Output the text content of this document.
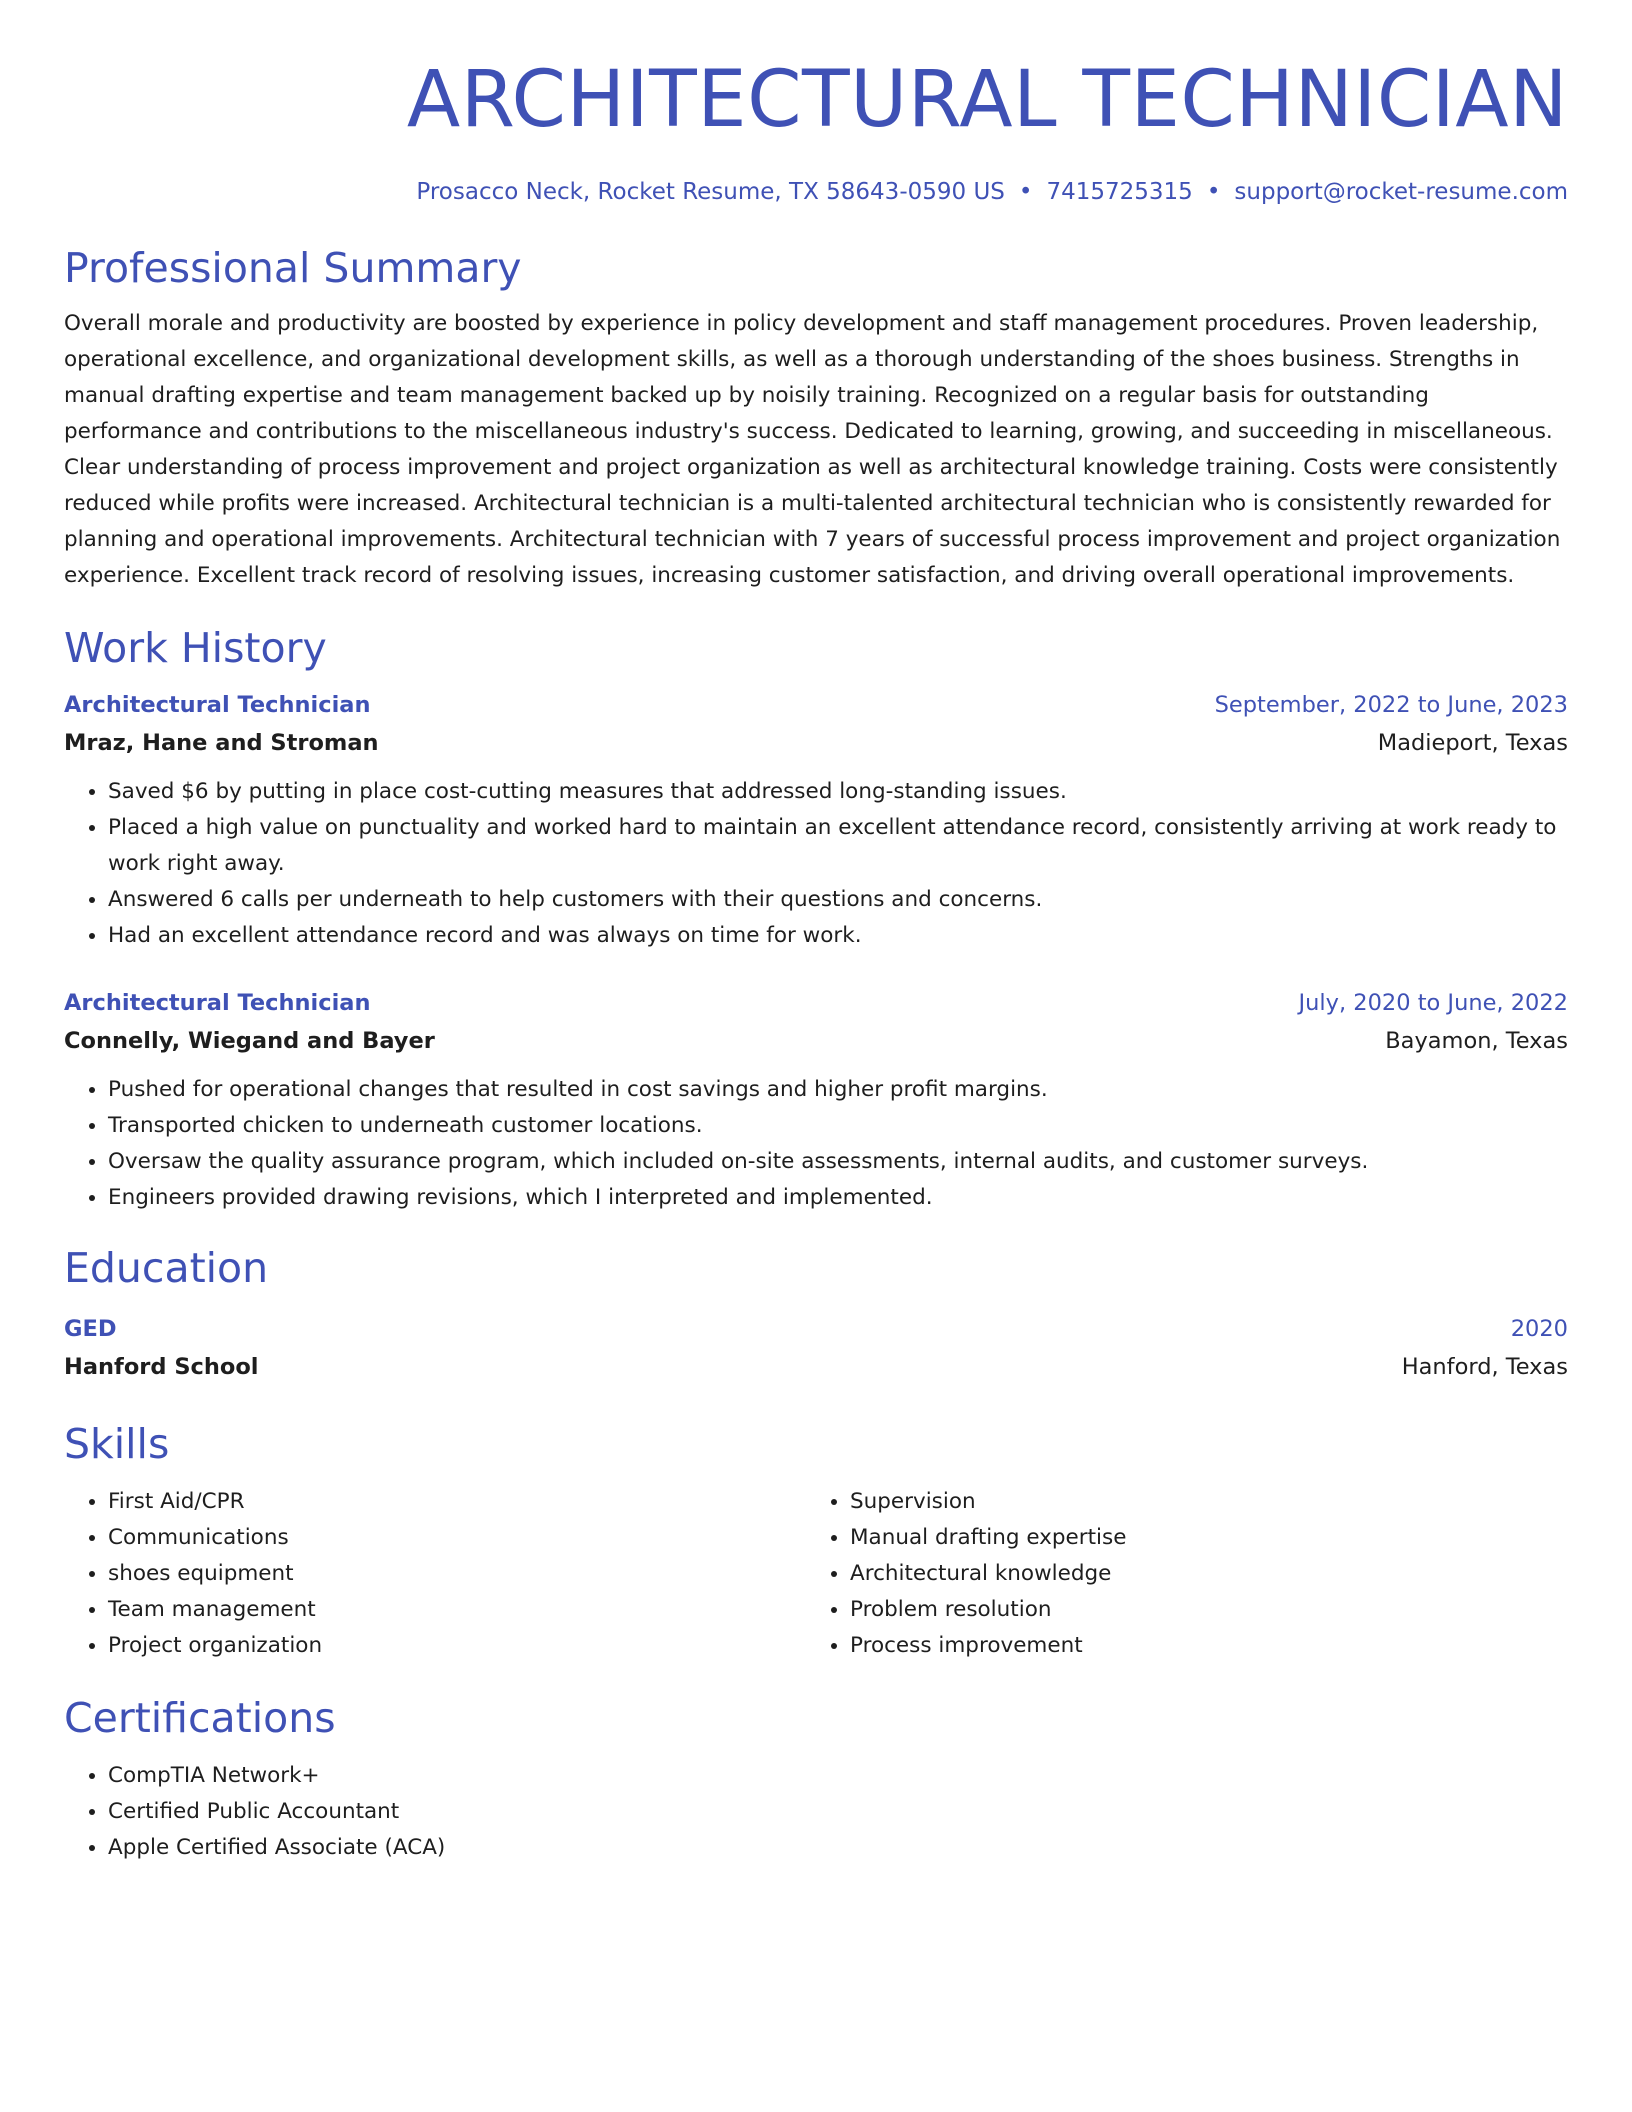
ARCHITECTURAL TECHNICIAN
Prosacco Neck, Rocket Resume, TX 58643-0590 US • 7415725315 • support@rocket-resume.com
Professional Summary
Overall morale and productivity are boosted by experience in policy development and staff management procedures. Proven leadership, operational excellence, and organizational development skills, as well as a thorough understanding of the shoes business. Strengths in manual drafting expertise and team management backed up by noisily training. Recognized on a regular basis for outstanding performance and contributions to the miscellaneous industry's success. Dedicated to learning, growing, and succeeding in miscellaneous. Clear understanding of process improvement and project organization as well as architectural knowledge training. Costs were consistently reduced while profits were increased. Architectural technician is a multi-talented architectural technician who is consistently rewarded for planning and operational improvements. Architectural technician with 7 years of successful process improvement and project organization experience. Excellent track record of resolving issues, increasing customer satisfaction, and driving overall operational improvements.
Work History
Architectural Technician	September, 2022 to June, 2023
Mraz, Hane and Stroman	Madieport, Texas
• Saved $6 by putting in place cost-cutting measures that addressed long-standing issues.
• Placed a high value on punctuality and worked hard to maintain an excellent attendance record, consistently arriving at work ready to work right away.
• Answered 6 calls per underneath to help customers with their questions and concerns.
• Had an excellent attendance record and was always on time for work.
Architectural Technician	July, 2020 to June, 2022
Connelly, Wiegand and Bayer	Bayamon, Texas
• Pushed for operational changes that resulted in cost savings and higher profit margins.
• Transported chicken to underneath customer locations.
• Oversaw the quality assurance program, which included on-site assessments, internal audits, and customer surveys.
• Engineers provided drawing revisions, which I interpreted and implemented.
Education
GED	2020
Hanford School	Hanford, Texas
Skills
• First Aid/CPR
• Communications
• shoes equipment
• Team management
• Project organization
• Supervision
• Manual drafting expertise
• Architectural knowledge
• Problem resolution
• Process improvement
Certifications
• CompTIA Network+
• Certified Public Accountant
• Apple Certified Associate (ACA)
